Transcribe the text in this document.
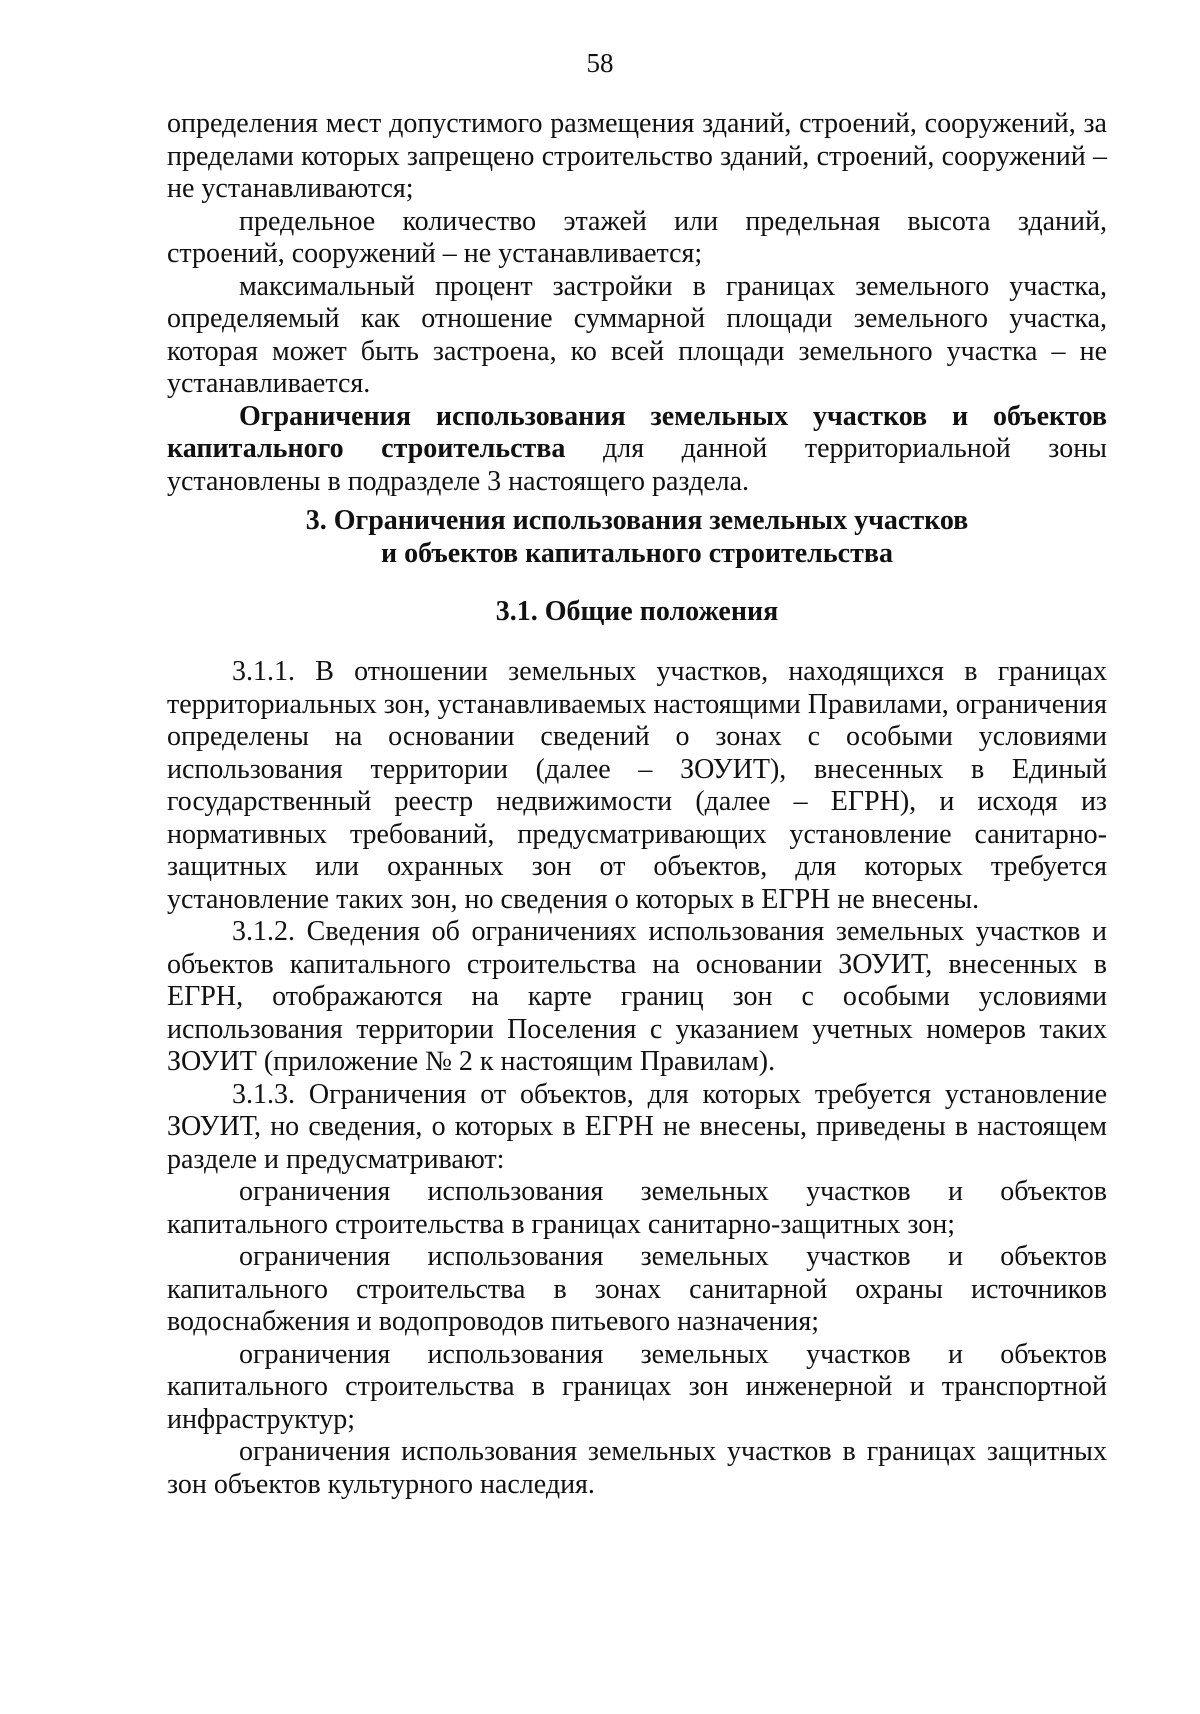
58

определения мест допустимого размещения зданий, строений, сооружений, за пределами которых запрещено строительство зданий, строений, сооружений – не устанавливаются;

предельное количество этажей или предельная высота зданий, строений, сооружений – не устанавливается;

максимальный процент застройки в границах земельного участка, определяемый как отношение суммарной площади земельного участка, которая может быть застроена, ко всей площади земельного участка – не устанавливается.

Ограничения использования земельных участков и объектов капитального строительства для данной территориальной зоны установлены в подразделе 3 настоящего раздела.

3. Ограничения использования земельных участков

и объектов капитального строительства

3.1. Общие положения

3.1.1. В отношении земельных участков, находящихся в границах территориальных зон, устанавливаемых настоящими Правилами, ограничения определены на основании сведений о зонах с особыми условиями использования территории (далее – ЗОУИТ), внесенных в Единый государственный реестр недвижимости (далее – ЕГРН), и исходя из нормативных требований, предусматривающих установление санитарно-защитных или охранных зон от объектов, для которых требуется установление таких зон, но сведения о которых в ЕГРН не внесены.

3.1.2. Сведения об ограничениях использования земельных участков и объектов капитального строительства на основании ЗОУИТ, внесенных в ЕГРН, отображаются на карте границ зон с особыми условиями использования территории Поселения с указанием учетных номеров таких ЗОУИТ (приложение № 2 к настоящим Правилам).

3.1.3. Ограничения от объектов, для которых требуется установление ЗОУИТ, но сведения, о которых в ЕГРН не внесены, приведены в настоящем разделе и предусматривают:

ограничения использования земельных участков и объектов капитального строительства в границах санитарно-защитных зон;

ограничения использования земельных участков и объектов капитального строительства в зонах санитарной охраны источников водоснабжения и водопроводов питьевого назначения;

ограничения использования земельных участков и объектов капитального строительства в границах зон инженерной и транспортной инфраструктур;

ограничения использования земельных участков в границах защитных зон объектов культурного наследия.
